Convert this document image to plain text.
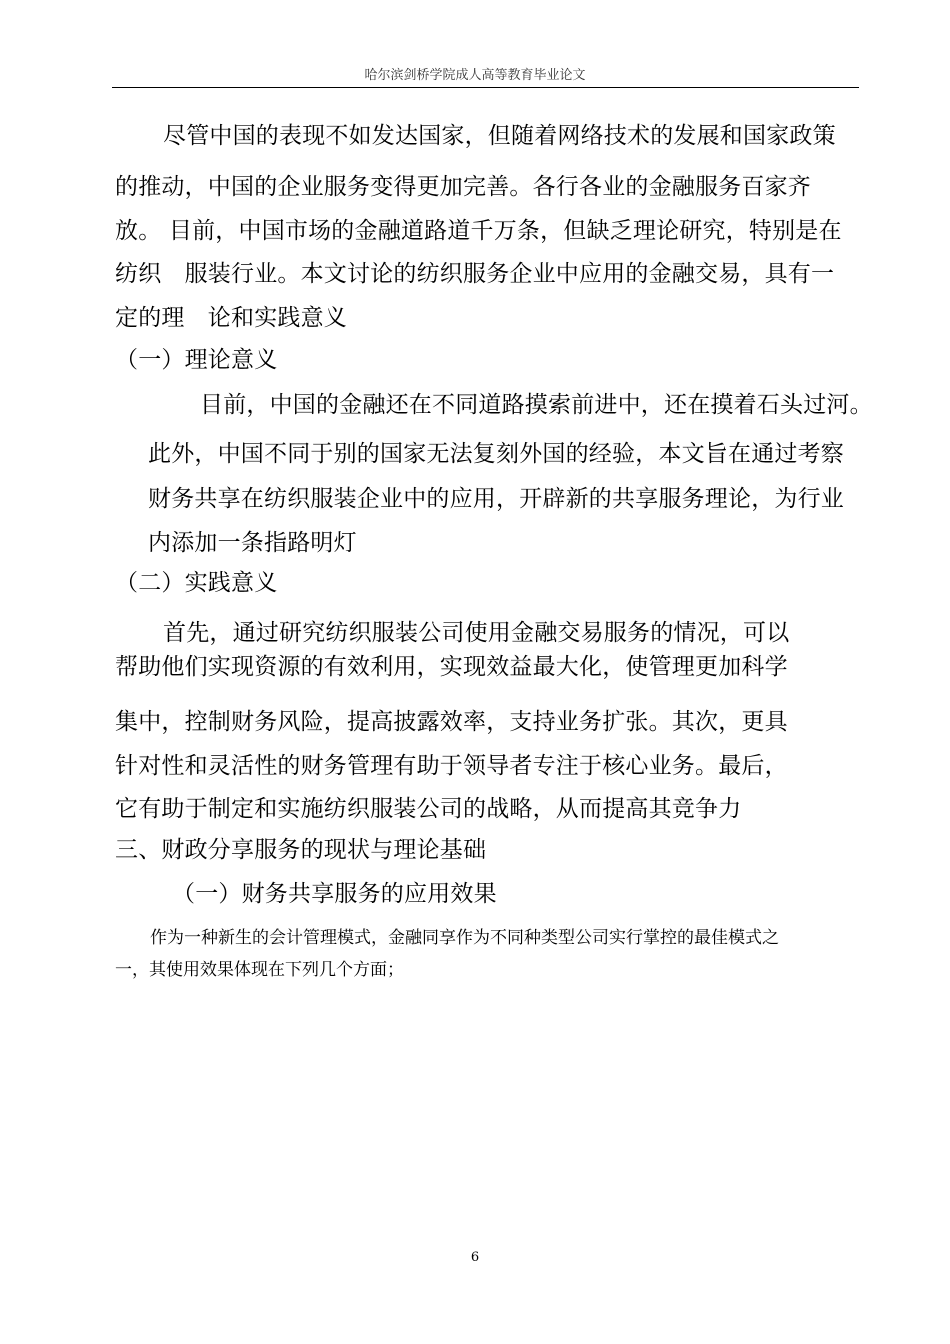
哈尔滨剑桥学院成人高等教育毕业论文
尽管中国的表现不如发达国家，但随着网络技术的发展和国家政策
的推动，中国的企业服务变得更加完善。各行各业的金融服务百家齐
放。 目前，中国市场的金融道路道千万条，但缺乏理论研究，特别是在
纺织　服装行业。本文讨论的纺织服务企业中应用的金融交易，具有一
定的理　论和实践意义
（一）理论意义
目前，中国的金融还在不同道路摸索前进中，还在摸着石头过河。
此外，中国不同于别的国家无法复刻外国的经验，本文旨在通过考察
财务共享在纺织服装企业中的应用，开辟新的共享服务理论，为行业
内添加一条指路明灯
（二）实践意义
首先，通过研究纺织服装公司使用金融交易服务的情况，可以
帮助他们实现资源的有效利用，实现效益最大化，使管理更加科学
集中，控制财务风险，提高披露效率，支持业务扩张。其次，更具
针对性和灵活性的财务管理有助于领导者专注于核心业务。最后，
它有助于制定和实施纺织服装公司的战略，从而提高其竞争力
三、财政分享服务的现状与理论基础
（一）财务共享服务的应用效果
作为一种新生的会计管理模式，金融同享作为不同种类型公司实行掌控的最佳模式之
一，其使用效果体现在下列几个方面；
6
